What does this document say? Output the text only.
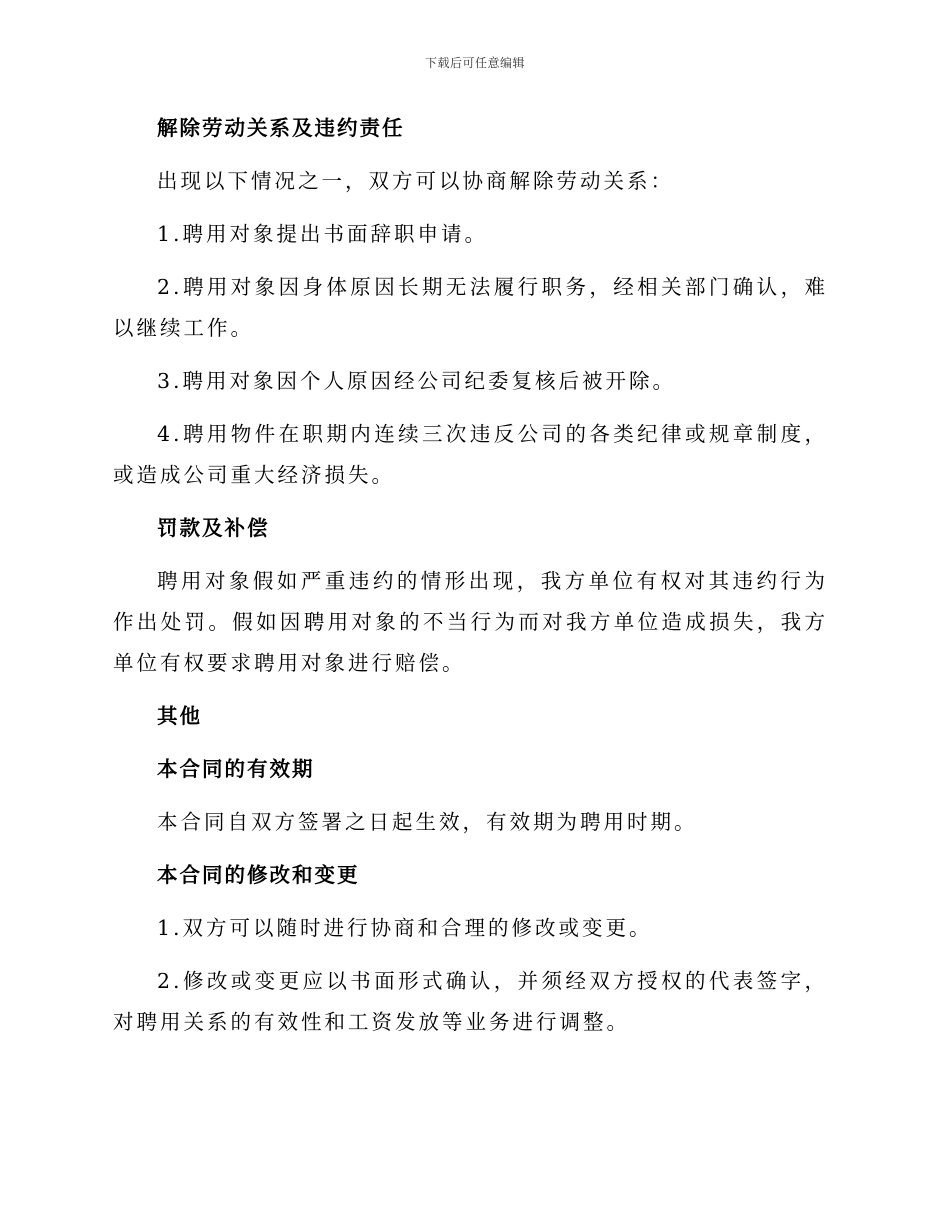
下载后可任意编辑
解除劳动关系及违约责任
出现以下情况之一，双方可以协商解除劳动关系：
1.聘用对象提出书面辞职申请。
2.聘用对象因身体原因长期无法履行职务，经相关部门确认，难以继续工作。
3.聘用对象因个人原因经公司纪委复核后被开除。
4.聘用物件在职期内连续三次违反公司的各类纪律或规章制度，或造成公司重大经济损失。
罚款及补偿
聘用对象假如严重违约的情形出现，我方单位有权对其违约行为作出处罚。假如因聘用对象的不当行为而对我方单位造成损失，我方单位有权要求聘用对象进行赔偿。
其他
本合同的有效期
本合同自双方签署之日起生效，有效期为聘用时期。
本合同的修改和变更
1.双方可以随时进行协商和合理的修改或变更。
2.修改或变更应以书面形式确认，并须经双方授权的代表签字，对聘用关系的有效性和工资发放等业务进行调整。
